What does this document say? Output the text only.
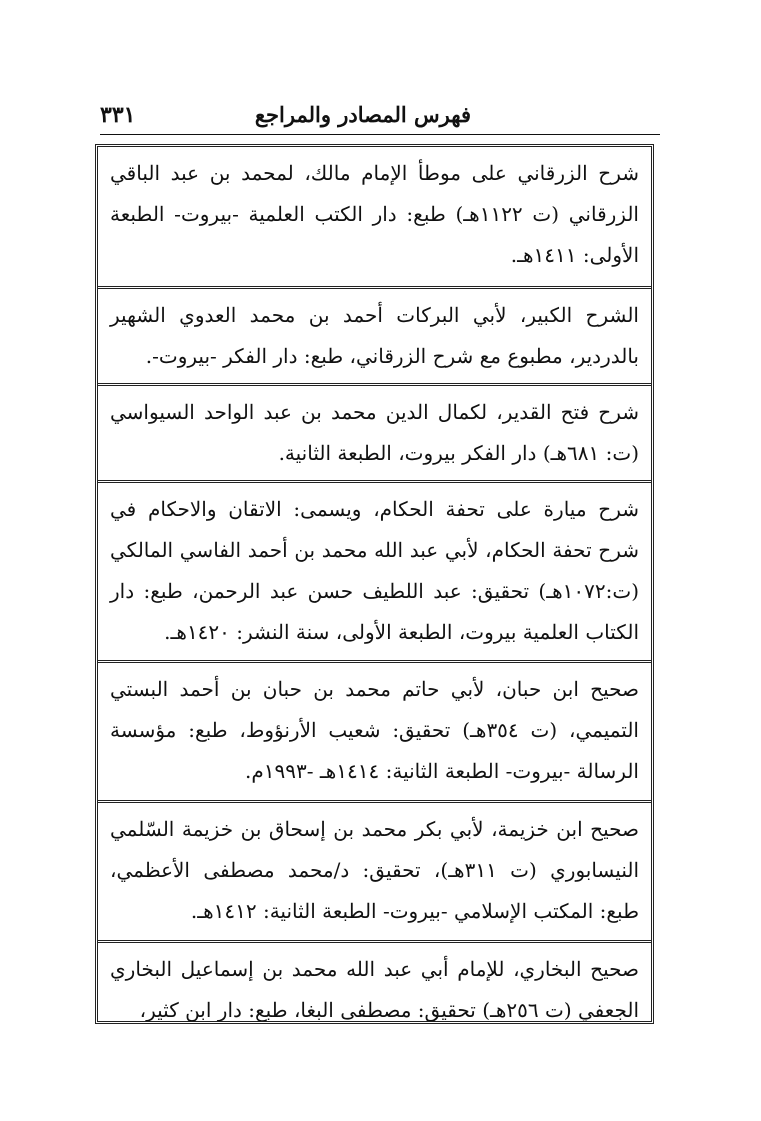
فهرس المصادر والمراجع
٣٣١
شرح الزرقاني على موطأ الإمام مالك، لمحمد بن عبد الباقي الزرقاني (ت ١١٢٢هـ) طبع: دار الكتب العلمية -بيروت- الطبعة الأولى: ١٤١١هـ.
الشرح الكبير، لأبي البركات أحمد بن محمد العدوي الشهير بالدردير، مطبوع مع شرح الزرقاني، طبع: دار الفكر -بيروت-.
شرح فتح القدير، لكمال الدين محمد بن عبد الواحد السيواسي (ت: ٦٨١هـ) دار الفكر بيروت، الطبعة الثانية.
شرح ميارة على تحفة الحكام، ويسمى: الاتقان والاحكام في شرح تحفة الحكام، لأبي عبد الله محمد بن أحمد الفاسي المالكي (ت:١٠٧٢هـ) تحقيق: عبد اللطيف حسن عبد الرحمن، طبع: دار الكتاب العلمية بيروت، الطبعة الأولى، سنة النشر: ١٤٢٠هـ.
صحيح ابن حبان، لأبي حاتم محمد بن حبان بن أحمد البستي التميمي، (ت ٣٥٤هـ) تحقيق: شعيب الأرنؤوط، طبع: مؤسسة الرسالة -بيروت- الطبعة الثانية: ١٤١٤هـ -١٩٩٣م.
صحيح ابن خزيمة، لأبي بكر محمد بن إسحاق بن خزيمة السّلمي النيسابوري (ت ٣١١هـ)، تحقيق: د/محمد مصطفى الأعظمي، طبع: المكتب الإسلامي -بيروت- الطبعة الثانية: ١٤١٢هـ.
صحيح البخاري، للإمام أبي عبد الله محمد بن إسماعيل البخاري الجعفي (ت ٢٥٦هـ) تحقيق: مصطفى البغا، طبع: دار ابن كثير،
